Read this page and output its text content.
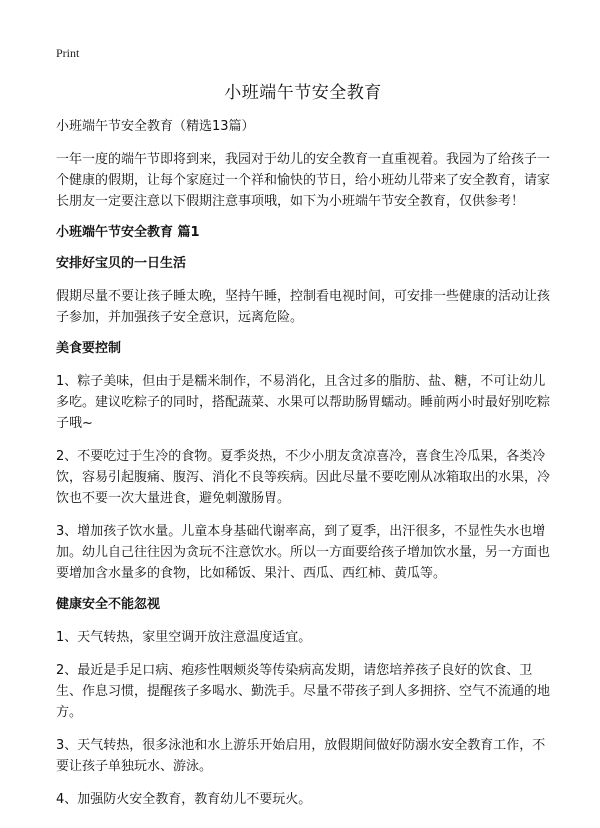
Print
小班端午节安全教育
小班端午节安全教育（精选13篇）

一年一度的端午节即将到来，我园对于幼儿的安全教育一直重视着。我园为了给孩子一个健康的假期，让每个家庭过一个祥和愉快的节日，给小班幼儿带来了安全教育，请家长朋友一定要注意以下假期注意事项哦，如下为小班端午节安全教育，仅供参考！

小班端午节安全教育 篇1
安排好宝贝的一日生活

假期尽量不要让孩子睡太晚，坚持午睡，控制看电视时间，可安排一些健康的活动让孩子参加，并加强孩子安全意识，远离危险。

美食要控制

1、粽子美味，但由于是糯米制作，不易消化，且含过多的脂肪、盐、糖，不可让幼儿多吃。建议吃粽子的同时，搭配蔬菜、水果可以帮助肠胃蠕动。睡前两小时最好别吃粽子哦~

2、不要吃过于生冷的食物。夏季炎热，不少小朋友贪凉喜冷，喜食生冷瓜果，各类冷饮，容易引起腹痛、腹泻、消化不良等疾病。因此尽量不要吃刚从冰箱取出的水果，冷饮也不要一次大量进食，避免刺激肠胃。

3、增加孩子饮水量。儿童本身基础代谢率高，到了夏季，出汗很多，不显性失水也增加。幼儿自己往往因为贪玩不注意饮水。所以一方面要给孩子增加饮水量，另一方面也要增加含水量多的食物，比如稀饭、果汁、西瓜、西红柿、黄瓜等。

健康安全不能忽视

1、天气转热，家里空调开放注意温度适宜。

2、最近是手足口病、疱疹性咽颊炎等传染病高发期，请您培养孩子良好的饮食、卫生、作息习惯，提醒孩子多喝水、勤洗手。尽量不带孩子到人多拥挤、空气不流通的地方。

3、天气转热，很多泳池和水上游乐开始启用，放假期间做好防溺水安全教育工作，不要让孩子单独玩水、游泳。

4、加强防火安全教育，教育幼儿不要玩火。
